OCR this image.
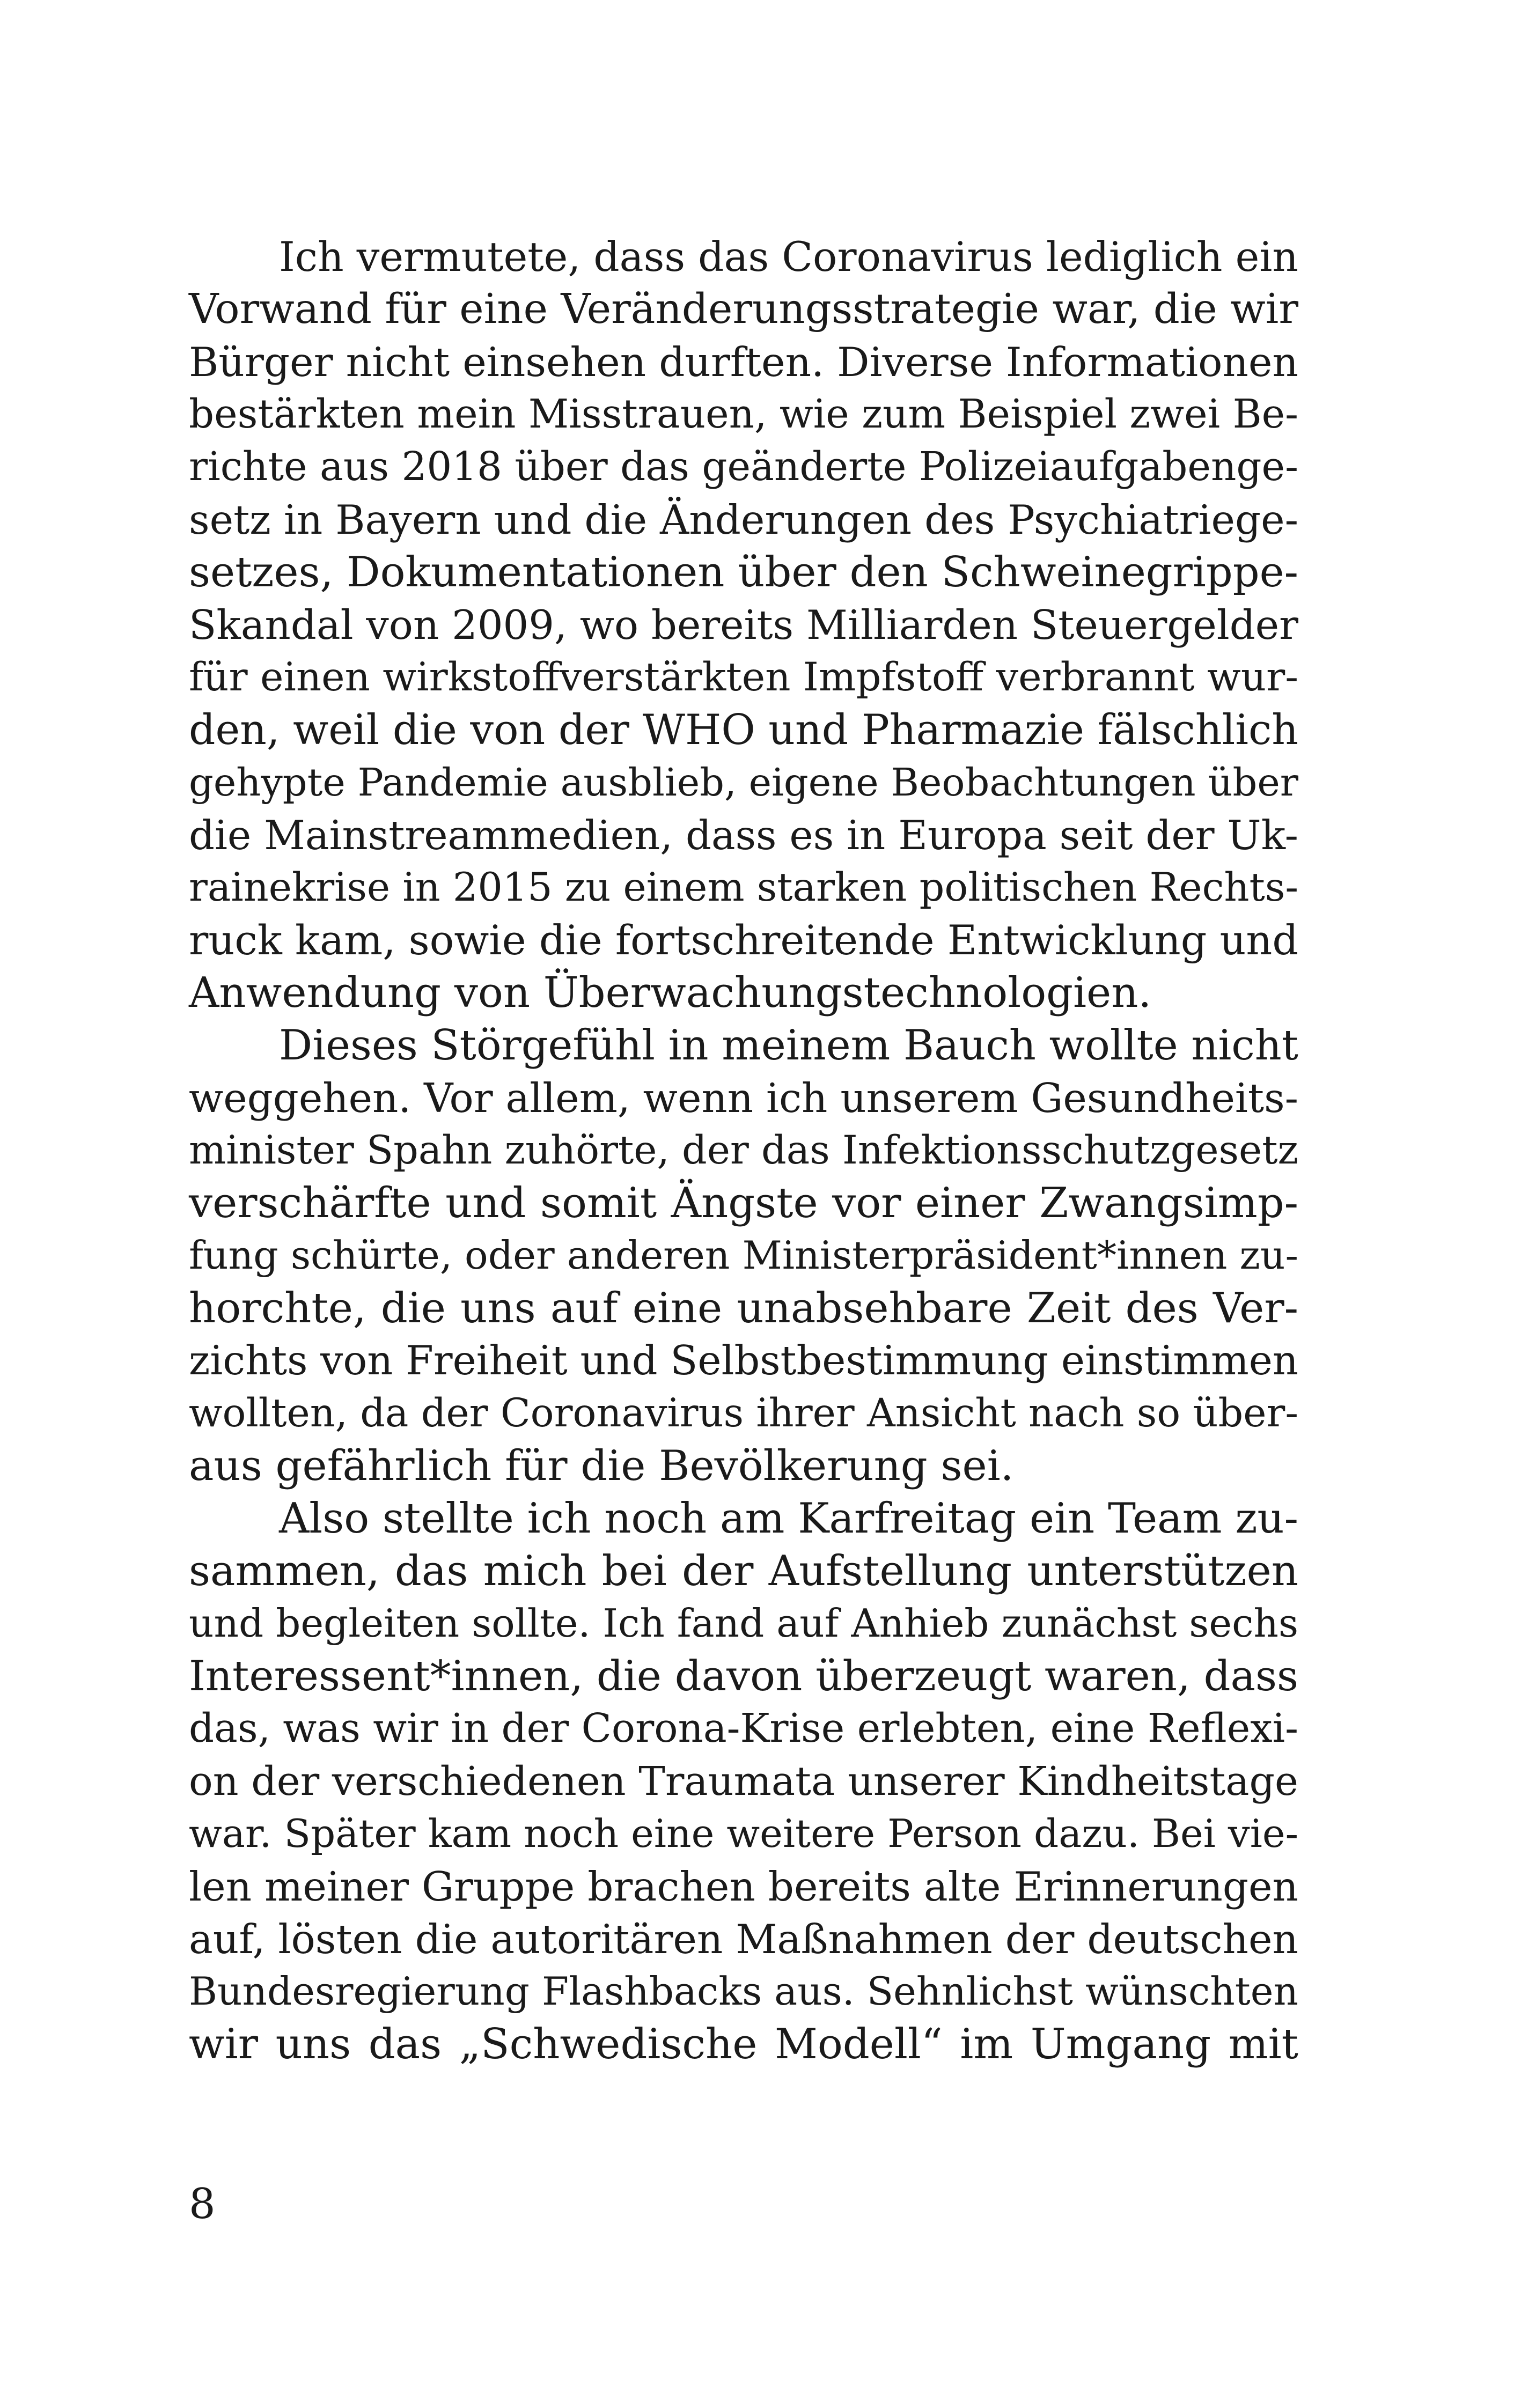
Ich vermutete, dass das Coronavirus lediglich ein
Vorwand für eine Veränderungsstrategie war, die wir
Bürger nicht einsehen durften. Diverse Informationen
bestärkten mein Misstrauen, wie zum Beispiel zwei Be-
richte aus 2018 über das geänderte Polizeiaufgabenge-
setz in Bayern und die Änderungen des Psychiatriege-
setzes, Dokumentationen über den Schweinegrippe-
Skandal von 2009, wo bereits Milliarden Steuergelder
für einen wirkstoffverstärkten Impfstoff verbrannt wur-
den, weil die von der WHO und Pharmazie fälschlich
gehypte Pandemie ausblieb, eigene Beobachtungen über
die Mainstreammedien, dass es in Europa seit der Uk-
rainekrise in 2015 zu einem starken politischen Rechts-
ruck kam, sowie die fortschreitende Entwicklung und
Anwendung von Überwachungstechnologien.
Dieses Störgefühl in meinem Bauch wollte nicht
weggehen. Vor allem, wenn ich unserem Gesundheits-
minister Spahn zuhörte, der das Infektionsschutzgesetz
verschärfte und somit Ängste vor einer Zwangsimp-
fung schürte, oder anderen Ministerpräsident*innen zu-
horchte, die uns auf eine unabsehbare Zeit des Ver-
zichts von Freiheit und Selbstbestimmung einstimmen
wollten, da der Coronavirus ihrer Ansicht nach so über-
aus gefährlich für die Bevölkerung sei.
Also stellte ich noch am Karfreitag ein Team zu-
sammen, das mich bei der Aufstellung unterstützen
und begleiten sollte. Ich fand auf Anhieb zunächst sechs
Interessent*innen, die davon überzeugt waren, dass
das, was wir in der Corona-Krise erlebten, eine Reflexi-
on der verschiedenen Traumata unserer Kindheitstage
war. Später kam noch eine weitere Person dazu. Bei vie-
len meiner Gruppe brachen bereits alte Erinnerungen
auf, lösten die autoritären Maßnahmen der deutschen
Bundesregierung Flashbacks aus. Sehnlichst wünschten
wir uns das „Schwedische Modell“ im Umgang mit
8
